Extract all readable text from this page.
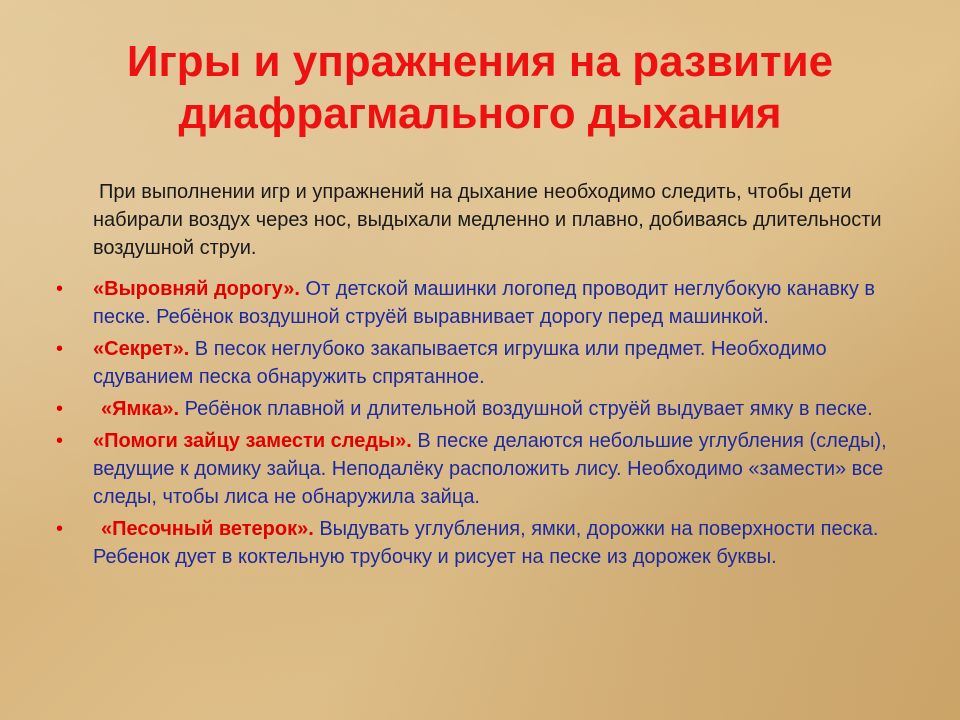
Игры и упражнения на развитие диафрагмального дыхания

При выполнении игр и упражнений на дыхание необходимо следить, чтобы дети набирали воздух через нос, выдыхали медленно и плавно, добиваясь длительности воздушной струи.

• «Выровняй дорогу». От детской машинки логопед проводит неглубокую канавку в песке. Ребёнок воздушной струёй выравнивает дорогу перед машинкой.
• «Секрет». В песок неглубоко закапывается игрушка или предмет. Необходимо сдуванием песка обнаружить спрятанное.
• «Ямка». Ребёнок плавной и длительной воздушной струёй выдувает ямку в песке.
• «Помоги зайцу замести следы». В песке делаются небольшие углубления (следы), ведущие к домику зайца. Неподалёку расположить лису. Необходимо «замести» все следы, чтобы лиса не обнаружила зайца.
• «Песочный ветерок». Выдувать углубления, ямки, дорожки на поверхности песка. Ребенок дует в коктельную трубочку и рисует на песке из дорожек буквы.
